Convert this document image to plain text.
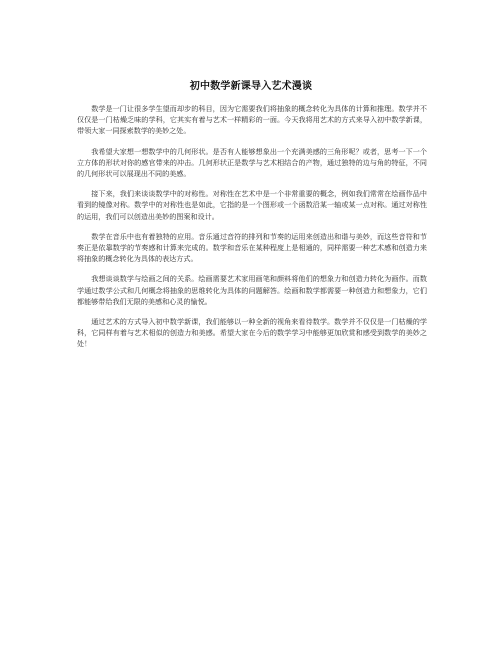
初中数学新课导入艺术漫谈

数学是一门让很多学生望而却步的科目，因为它需要我们将抽象的概念转化为具体的计算和推理。数学并不仅仅是一门枯燥乏味的学科，它其实有着与艺术一样精彩的一面。今天我将用艺术的方式来导入初中数学新课，带领大家一同探索数学的美妙之处。

我希望大家想一想数学中的几何形状。是否有人能够想象出一个充满美感的三角形呢？或者，思考一下一个立方体的形状对你的感官带来的冲击。几何形状正是数学与艺术相结合的产物，通过独特的边与角的特征，不同的几何形状可以展现出不同的美感。

接下来，我们来谈谈数学中的对称性。对称性在艺术中是一个非常重要的概念，例如我们常常在绘画作品中看到的镜像对称。数学中的对称性也是如此，它指的是一个图形或一个函数沿某一轴或某一点对称。通过对称性的运用，我们可以创造出美妙的图案和设计。

数学在音乐中也有着独特的应用。音乐通过音符的排列和节奏的运用来创造出和谐与美妙，而这些音符和节奏正是依靠数学的节奏感和计算来完成的。数学和音乐在某种程度上是相通的，同样需要一种艺术感和创造力来将抽象的概念转化为具体的表达方式。

我想谈谈数学与绘画之间的关系。绘画需要艺术家用画笔和颜料将他们的想象力和创造力转化为画作。而数学通过数学公式和几何概念将抽象的思维转化为具体的问题解答。绘画和数学都需要一种创造力和想象力，它们都能够带给我们无限的美感和心灵的愉悦。

通过艺术的方式导入初中数学新课，我们能够以一种全新的视角来看待数学。数学并不仅仅是一门枯燥的学科，它同样有着与艺术相似的创造力和美感。希望大家在今后的数学学习中能够更加欣赏和感受到数学的美妙之处！
